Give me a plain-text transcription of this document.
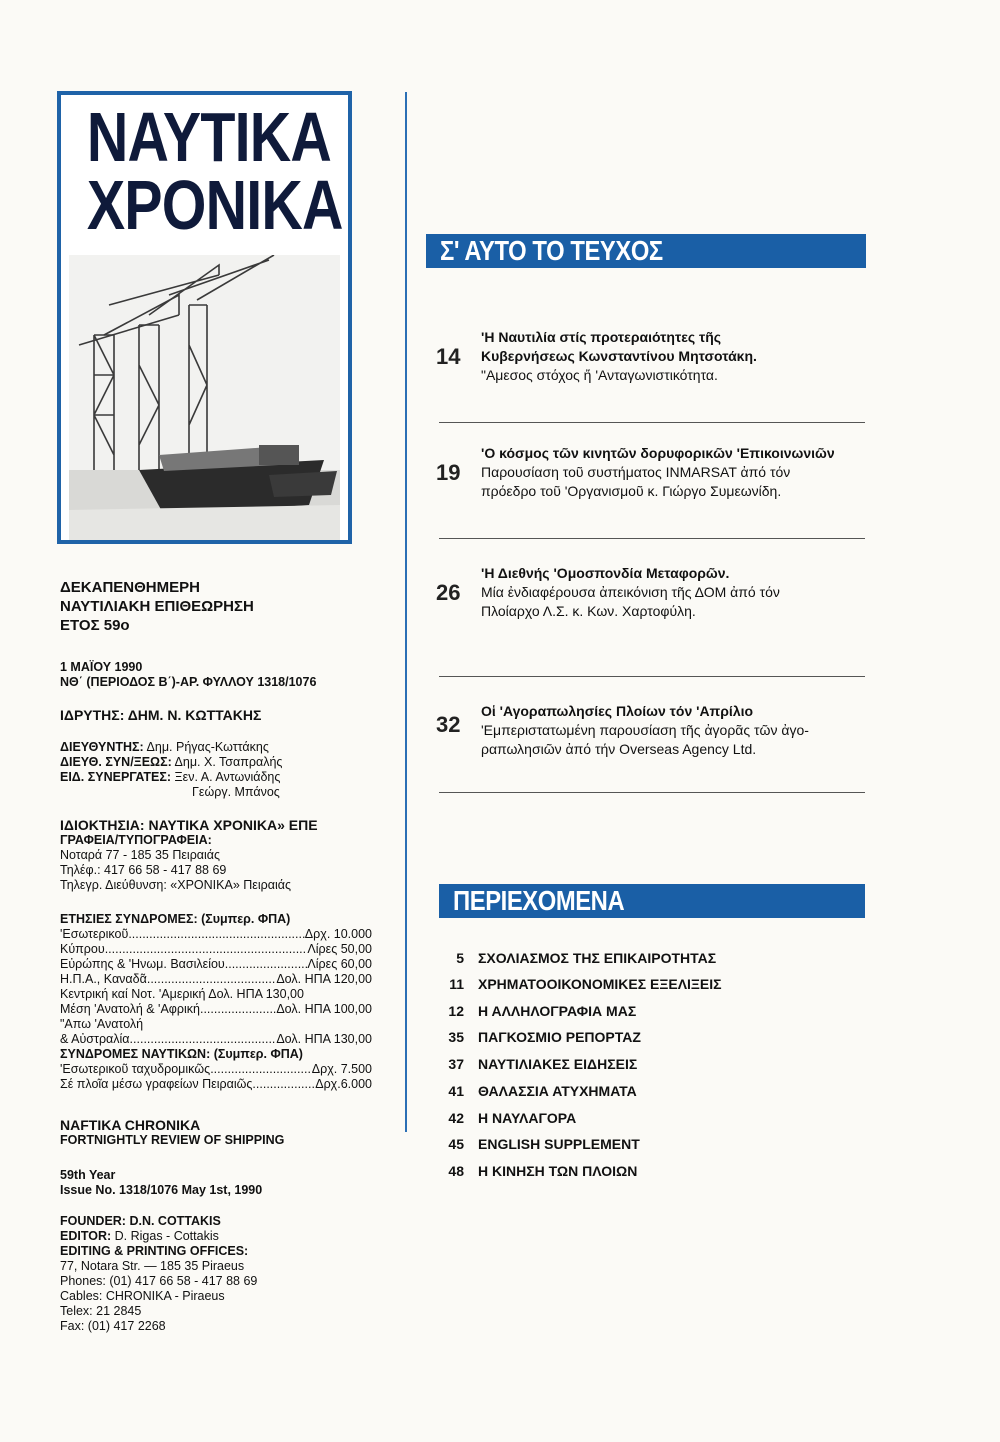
ΝΑΥΤΙΚΑ
ΧΡΟΝΙΚΑ
ΔΕΚΑΠΕΝΘΗΜΕΡΗ
ΝΑΥΤΙΛΙΑΚΗ ΕΠΙΘΕΩΡΗΣΗ
ΕΤΟΣ 59ο
1 ΜΑΪΟΥ 1990
ΝΘ΄ (ΠΕΡΙΟΔΟΣ Β΄)-ΑΡ. ΦΥΛΛΟΥ 1318/1076
ΙΔΡΥΤΗΣ: ΔΗΜ. Ν. ΚΩΤΤΑΚΗΣ
ΔΙΕΥΘΥΝΤΗΣ: Δημ. Ρήγας-Κωττάκης
ΔΙΕΥΘ. ΣΥΝ/ΞΕΩΣ: Δημ. Χ. Τσαπραλής
ΕΙΔ. ΣΥΝΕΡΓΑΤΕΣ: Ξεν. Α. Αντωνιάδης
Γεώργ. Μπάνος
ΙΔΙΟΚΤΗΣΙΑ: ΝΑΥΤΙΚΑ ΧΡΟΝΙΚΑ» ΕΠΕ
ΓΡΑΦΕΙΑ/ΤΥΠΟΓΡΑΦΕΙΑ:
Νοταρά 77 - 185 35 Πειραιάς
Τηλέφ.: 417 66 58 - 417 88 69
Τηλεγρ. Διεύθυνση: «ΧΡΟΝΙΚΑ» Πειραιάς
ΕΤΗΣΙΕΣ ΣΥΝΔΡΟΜΕΣ: (Συμπερ. ΦΠΑ)
'Εσωτερικοῦ .....	Δρχ. 10.000
Κύπρου .....	Λίρες 50,00
Εὐρώπης & 'Ηνωμ. Βασιλείου .....	Λίρες 60,00
Η.Π.Α., Καναδᾶ .....	Δολ. ΗΠΑ 120,00
Κεντρική καί Νοτ. 'Αμερική Δολ. ΗΠΑ 130,00
Μέση 'Ανατολή & 'Αφρική .....	Δολ. ΗΠΑ 100,00
"Απω 'Ανατολή
& Αὐστραλία .....	Δολ. ΗΠΑ 130,00
ΣΥΝΔΡΟΜΕΣ ΝΑΥΤΙΚΩΝ: (Συμπερ. ΦΠΑ)
'Εσωτερικοῦ ταχυδρομικῶς .....	Δρχ. 7.500
Σέ πλοῖα μέσω γραφείων Πειραιῶς .....	Δρχ.6.000
NAFTIKA CHRONIKA
FORTNIGHTLY REVIEW OF SHIPPING
59th Year
Issue No. 1318/1076 May 1st, 1990
FOUNDER: D.N. COTTAKIS
EDITOR: D. Rigas - Cottakis
EDITING & PRINTING OFFICES:
77, Notara Str. — 185 35 Piraeus
Phones: (01) 417 66 58 - 417 88 69
Cables: CHRONIKA - Piraeus
Telex: 21 2845
Fax: (01) 417 2268
Σ' ΑΥΤΟ ΤΟ ΤΕΥΧΟΣ
14
'Η Ναυτιλία στίς προτεραιότητες τῆς
Κυβερνήσεως Κωνσταντίνου Μητσοτάκη.
"Αμεσος στόχος ἤ 'Ανταγωνιστικότητα.
19
'Ο κόσμος τῶν κινητῶν δορυφορικῶν 'Επικοινωνιῶν
Παρουσίαση τοῦ συστήματος INMARSAT ἀπό τόν
πρόεδρο τοῦ 'Οργανισμοῦ κ. Γιώργο Συμεωνίδη.
26
'Η Διεθνής 'Ομοσπονδία Μεταφορῶν.
Μία ἐνδιαφέρουσα ἀπεικόνιση τῆς ΔΟΜ ἀπό τόν
Πλοίαρχο Λ.Σ. κ. Κων. Χαρτοφύλη.
32
Οἱ 'Αγοραπωλησίες Πλοίων τόν 'Απρίλιο
'Εμπεριστατωμένη παρουσίαση τῆς ἀγορᾶς τῶν ἀγο-
ραπωλησιῶν ἀπό τήν Overseas Agency Ltd.
ΠΕΡΙΕΧΟΜΕΝΑ
5 ΣΧΟΛΙΑΣΜΟΣ ΤΗΣ ΕΠΙΚΑΙΡΟΤΗΤΑΣ
11 ΧΡΗΜΑΤΟΟΙΚΟΝΟΜΙΚΕΣ ΕΞΕΛΙΞΕΙΣ
12 Η ΑΛΛΗΛΟΓΡΑΦΙΑ ΜΑΣ
35 ΠΑΓΚΟΣΜΙΟ ΡΕΠΟΡΤΑΖ
37 ΝΑΥΤΙΛΙΑΚΕΣ ΕΙΔΗΣΕΙΣ
41 ΘΑΛΑΣΣΙΑ ΑΤΥΧΗΜΑΤΑ
42 Η ΝΑΥΛΑΓΟΡΑ
45 ENGLISH SUPPLEMENT
48 Η ΚΙΝΗΣΗ ΤΩΝ ΠΛΟΙΩΝ
